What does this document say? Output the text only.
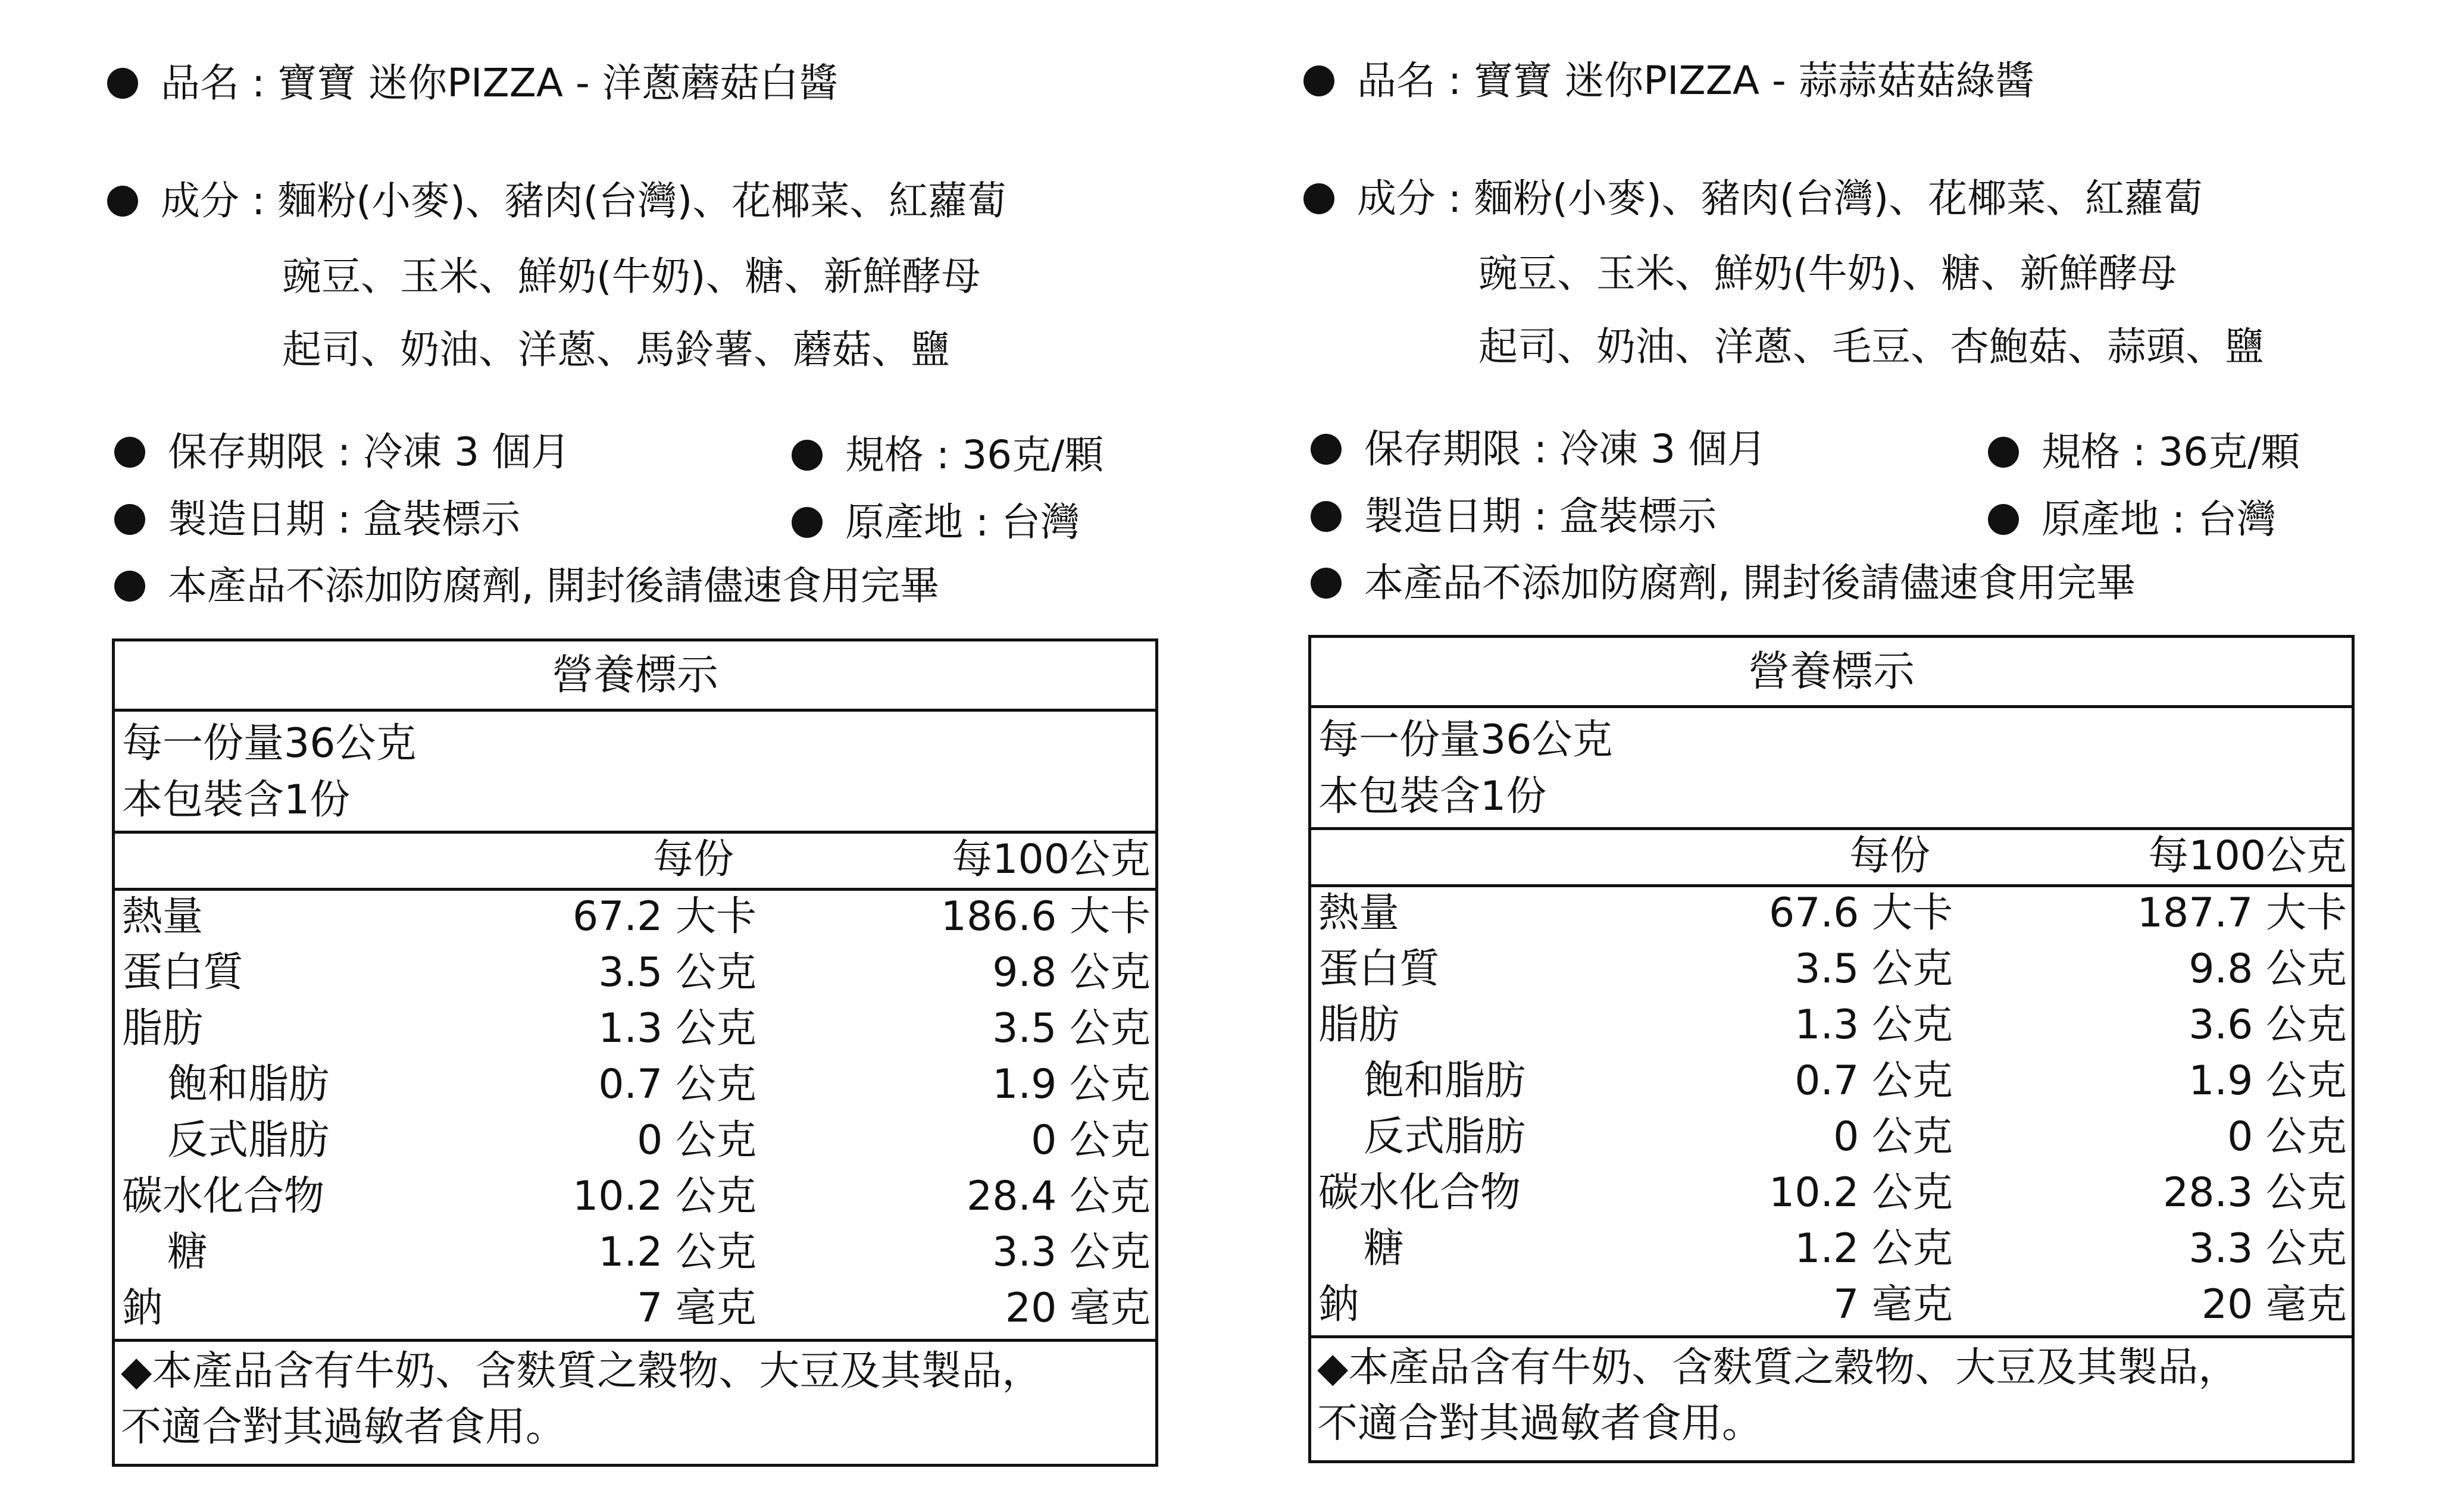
品名 : 寶寶 迷你PIZZA - 洋蔥蘑菇白醬
成分 : 麵粉(小麥)、豬肉(台灣)、花椰菜、紅蘿蔔
豌豆、玉米、鮮奶(牛奶)、糖、新鮮酵母
起司、奶油、洋蔥、馬鈴薯、蘑菇、鹽
保存期限 : 冷凍 3 個月	規格 : 36克/顆
製造日期 : 盒裝標示	原產地 : 台灣
本產品不添加防腐劑, 開封後請儘速食用完畢
營養標示
每一份量36公克
本包裝含1份
每份	每100公克
熱量	67.2 大卡	186.6 大卡
蛋白質	3.5 公克	9.8 公克
脂肪	1.3 公克	3.5 公克
飽和脂肪	0.7 公克	1.9 公克
反式脂肪	0 公克	0 公克
碳水化合物	10.2 公克	28.4 公克
糖	1.2 公克	3.3 公克
鈉	7 毫克	20 毫克
◆本產品含有牛奶、含麩質之穀物、大豆及其製品，
不適合對其過敏者食用。
品名 : 寶寶 迷你PIZZA - 蒜蒜菇菇綠醬
成分 : 麵粉(小麥)、豬肉(台灣)、花椰菜、紅蘿蔔
豌豆、玉米、鮮奶(牛奶)、糖、新鮮酵母
起司、奶油、洋蔥、毛豆、杏鮑菇、蒜頭、鹽
保存期限 : 冷凍 3 個月	規格 : 36克/顆
製造日期 : 盒裝標示	原產地 : 台灣
本產品不添加防腐劑, 開封後請儘速食用完畢
營養標示
每一份量36公克
本包裝含1份
每份	每100公克
熱量	67.6 大卡	187.7 大卡
蛋白質	3.5 公克	9.8 公克
脂肪	1.3 公克	3.6 公克
飽和脂肪	0.7 公克	1.9 公克
反式脂肪	0 公克	0 公克
碳水化合物	10.2 公克	28.3 公克
糖	1.2 公克	3.3 公克
鈉	7 毫克	20 毫克
◆本產品含有牛奶、含麩質之穀物、大豆及其製品，
不適合對其過敏者食用。
